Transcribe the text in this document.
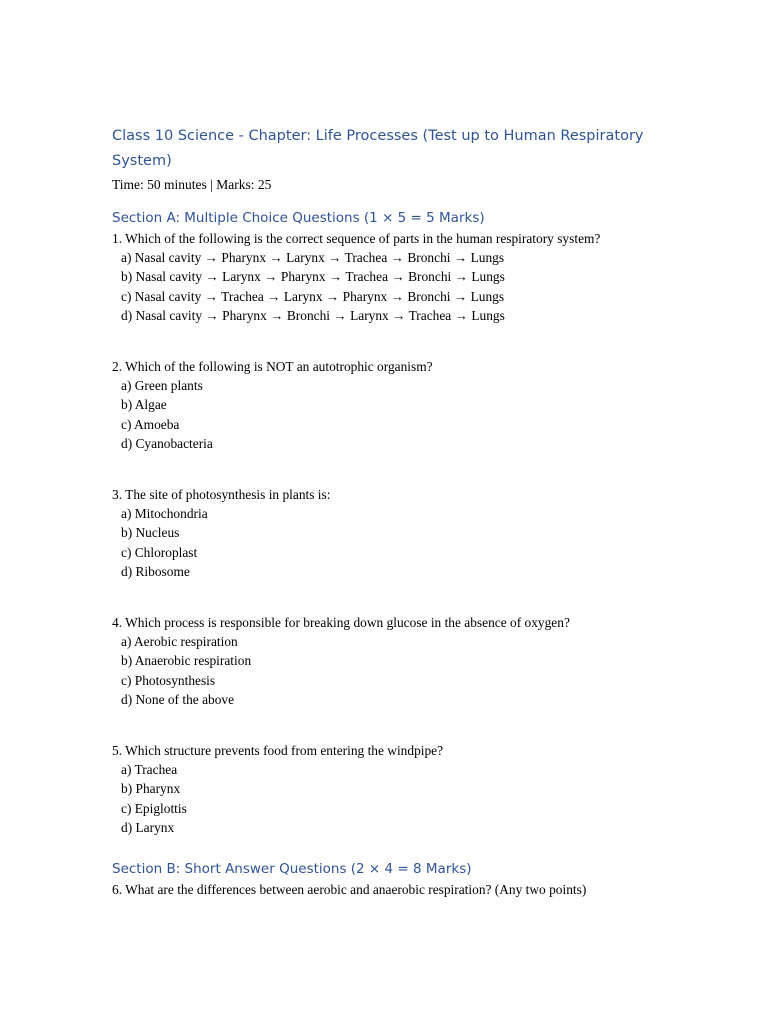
Class 10 Science - Chapter: Life Processes (Test up to Human Respiratory System)
Time: 50 minutes | Marks: 25
Section A: Multiple Choice Questions (1 × 5 = 5 Marks)
1. Which of the following is the correct sequence of parts in the human respiratory system?
a) Nasal cavity → Pharynx → Larynx → Trachea → Bronchi → Lungs
b) Nasal cavity → Larynx → Pharynx → Trachea → Bronchi → Lungs
c) Nasal cavity → Trachea → Larynx → Pharynx → Bronchi → Lungs
d) Nasal cavity → Pharynx → Bronchi → Larynx → Trachea → Lungs
2. Which of the following is NOT an autotrophic organism?
a) Green plants
b) Algae
c) Amoeba
d) Cyanobacteria
3. The site of photosynthesis in plants is:
a) Mitochondria
b) Nucleus
c) Chloroplast
d) Ribosome
4. Which process is responsible for breaking down glucose in the absence of oxygen?
a) Aerobic respiration
b) Anaerobic respiration
c) Photosynthesis
d) None of the above
5. Which structure prevents food from entering the windpipe?
a) Trachea
b) Pharynx
c) Epiglottis
d) Larynx
Section B: Short Answer Questions (2 × 4 = 8 Marks)
6. What are the differences between aerobic and anaerobic respiration? (Any two points)
